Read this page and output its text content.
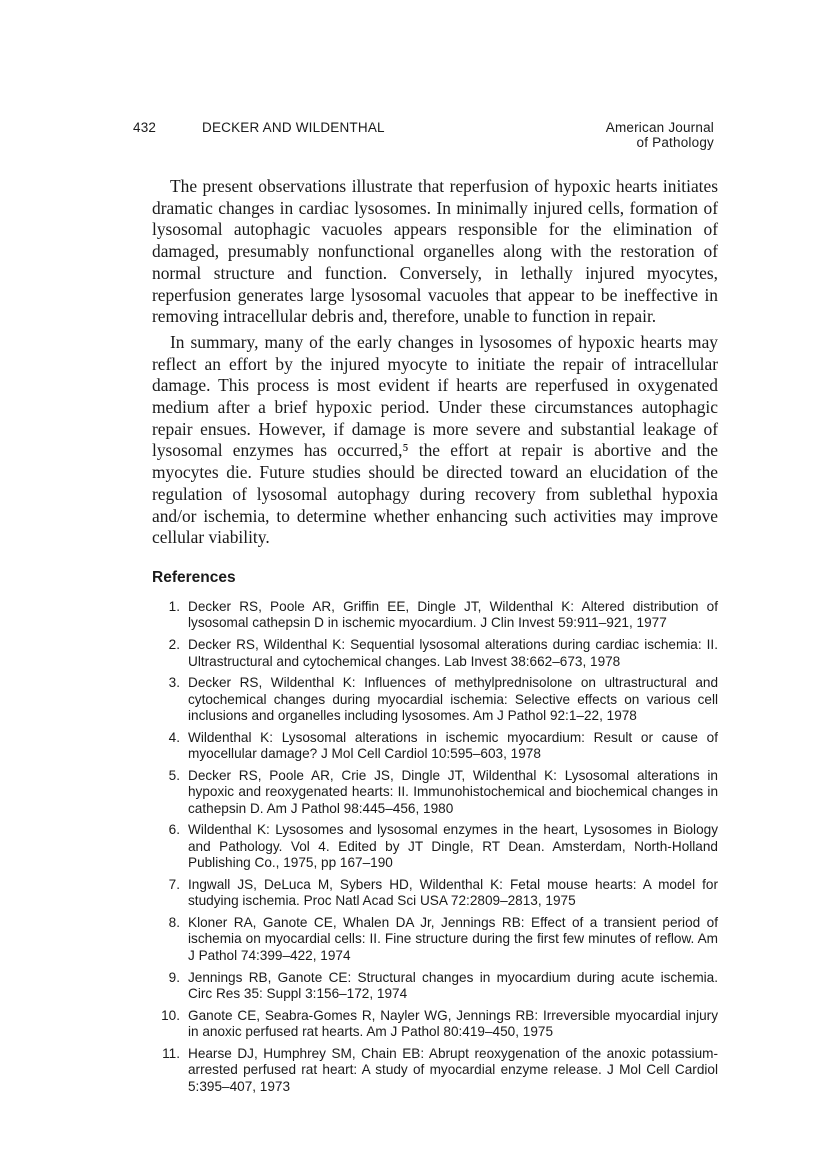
432	DECKER AND WILDENTHAL	American Journal
of Pathology

The present observations illustrate that reperfusion of hypoxic hearts initiates dramatic changes in cardiac lysosomes. In minimally injured cells, formation of lysosomal autophagic vacuoles appears responsible for the elimination of damaged, presumably nonfunctional organelles along with the restoration of normal structure and function. Conversely, in lethally injured myocytes, reperfusion generates large lysosomal vacuoles that appear to be ineffective in removing intracellular debris and, therefore, unable to function in repair.

In summary, many of the early changes in lysosomes of hypoxic hearts may reflect an effort by the injured myocyte to initiate the repair of intracellular damage. This process is most evident if hearts are reperfused in oxygenated medium after a brief hypoxic period. Under these circumstances autophagic repair ensues. However, if damage is more severe and substantial leakage of lysosomal enzymes has occurred,⁵ the effort at repair is abortive and the myocytes die. Future studies should be directed toward an elucidation of the regulation of lysosomal autophagy during recovery from sublethal hypoxia and/or ischemia, to determine whether enhancing such activities may improve cellular viability.

References
1. Decker RS, Poole AR, Griffin EE, Dingle JT, Wildenthal K: Altered distribution of lysosomal cathepsin D in ischemic myocardium. J Clin Invest 59:911–921, 1977
2. Decker RS, Wildenthal K: Sequential lysosomal alterations during cardiac ischemia: II. Ultrastructural and cytochemical changes. Lab Invest 38:662–673, 1978
3. Decker RS, Wildenthal K: Influences of methylprednisolone on ultrastructural and cytochemical changes during myocardial ischemia: Selective effects on various cell inclusions and organelles including lysosomes. Am J Pathol 92:1–22, 1978
4. Wildenthal K: Lysosomal alterations in ischemic myocardium: Result or cause of myocellular damage? J Mol Cell Cardiol 10:595–603, 1978
5. Decker RS, Poole AR, Crie JS, Dingle JT, Wildenthal K: Lysosomal alterations in hypoxic and reoxygenated hearts: II. Immunohistochemical and biochemical changes in cathepsin D. Am J Pathol 98:445–456, 1980
6. Wildenthal K: Lysosomes and lysosomal enzymes in the heart, Lysosomes in Biology and Pathology. Vol 4. Edited by JT Dingle, RT Dean. Amsterdam, North-Holland Publishing Co., 1975, pp 167–190
7. Ingwall JS, DeLuca M, Sybers HD, Wildenthal K: Fetal mouse hearts: A model for studying ischemia. Proc Natl Acad Sci USA 72:2809–2813, 1975
8. Kloner RA, Ganote CE, Whalen DA Jr, Jennings RB: Effect of a transient period of ischemia on myocardial cells: II. Fine structure during the first few minutes of reflow. Am J Pathol 74:399–422, 1974
9. Jennings RB, Ganote CE: Structural changes in myocardium during acute ischemia. Circ Res 35: Suppl 3:156–172, 1974
10. Ganote CE, Seabra-Gomes R, Nayler WG, Jennings RB: Irreversible myocardial injury in anoxic perfused rat hearts. Am J Pathol 80:419–450, 1975
11. Hearse DJ, Humphrey SM, Chain EB: Abrupt reoxygenation of the anoxic potassium-arrested perfused rat heart: A study of myocardial enzyme release. J Mol Cell Cardiol 5:395–407, 1973
